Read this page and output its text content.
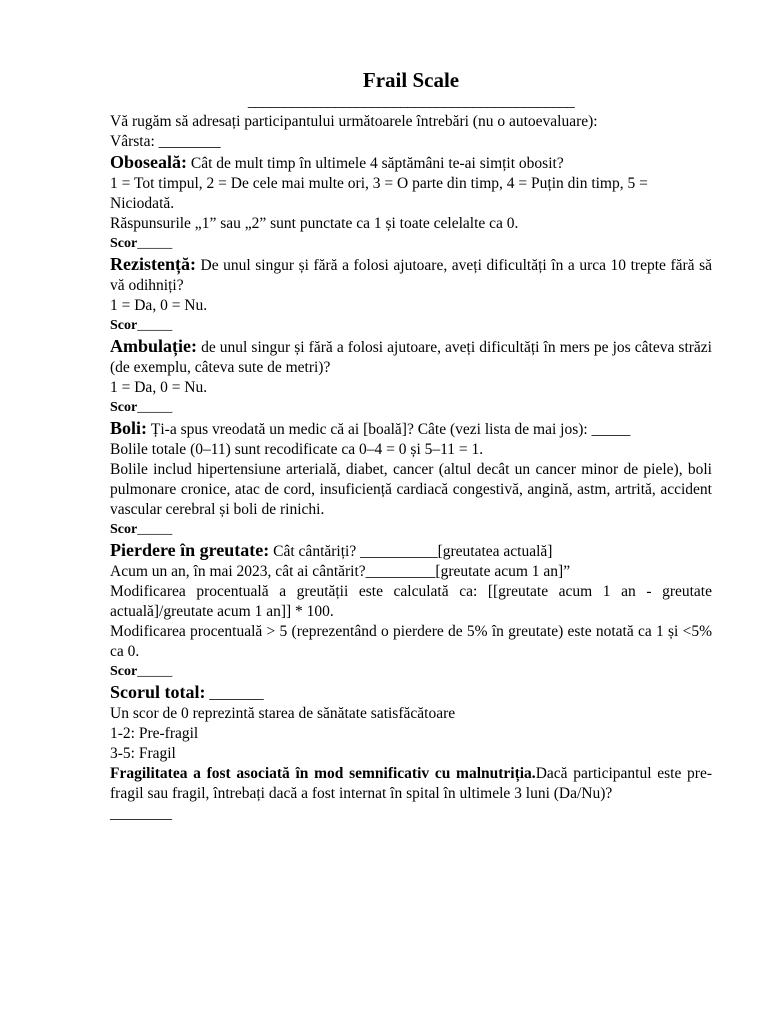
Frail Scale

_____________________________________________

Vă rugăm să adresați participantului următoarele întrebări (nu o autoevaluare):

Vârsta: ________

Oboseală: Cât de mult timp în ultimele 4 săptămâni te-ai simțit obosit?

1 = Tot timpul, 2 = De cele mai multe ori, 3 = O parte din timp, 4 = Puțin din timp, 5 = Niciodată.

Răspunsurile „1” sau „2” sunt punctate ca 1 și toate celelalte ca 0.

Scor_____

Rezistență: De unul singur și fără a folosi ajutoare, aveți dificultăți în a urca 10 trepte fără să vă odihniți?

1 = Da, 0 = Nu.

Scor_____

Ambulație: de unul singur și fără a folosi ajutoare, aveți dificultăți în mers pe jos câteva străzi (de exemplu, câteva sute de metri)?

1 = Da, 0 = Nu.

Scor_____

Boli: Ți-a spus vreodată un medic că ai [boală]? Câte (vezi lista de mai jos): _____

Bolile totale (0–11) sunt recodificate ca 0–4 = 0 și 5–11 = 1.

Bolile includ hipertensiune arterială, diabet, cancer (altul decât un cancer minor de piele), boli pulmonare cronice, atac de cord, insuficiență cardiacă congestivă, angină, astm, artrită, accident vascular cerebral și boli de rinichi.

Scor_____

Pierdere în greutate: Cât cântăriți? __________[greutatea actuală]

Acum un an, în mai 2023, cât ai cântărit?_________[greutate acum 1 an]”

Modificarea procentuală a greutății este calculată ca: [[greutate acum 1 an - greutate actuală]/greutate acum 1 an]] * 100.

Modificarea procentuală > 5 (reprezentând o pierdere de 5% în greutate) este notată ca 1 și <5% ca 0.

Scor_____

Scorul total: _______

Un scor de 0 reprezintă starea de sănătate satisfăcătoare

1-2: Pre-fragil

3-5: Fragil

Fragilitatea a fost asociată în mod semnificativ cu malnutriția.Dacă participantul este pre-fragil sau fragil, întrebați dacă a fost internat în spital în ultimele 3 luni (Da/Nu)?

________
